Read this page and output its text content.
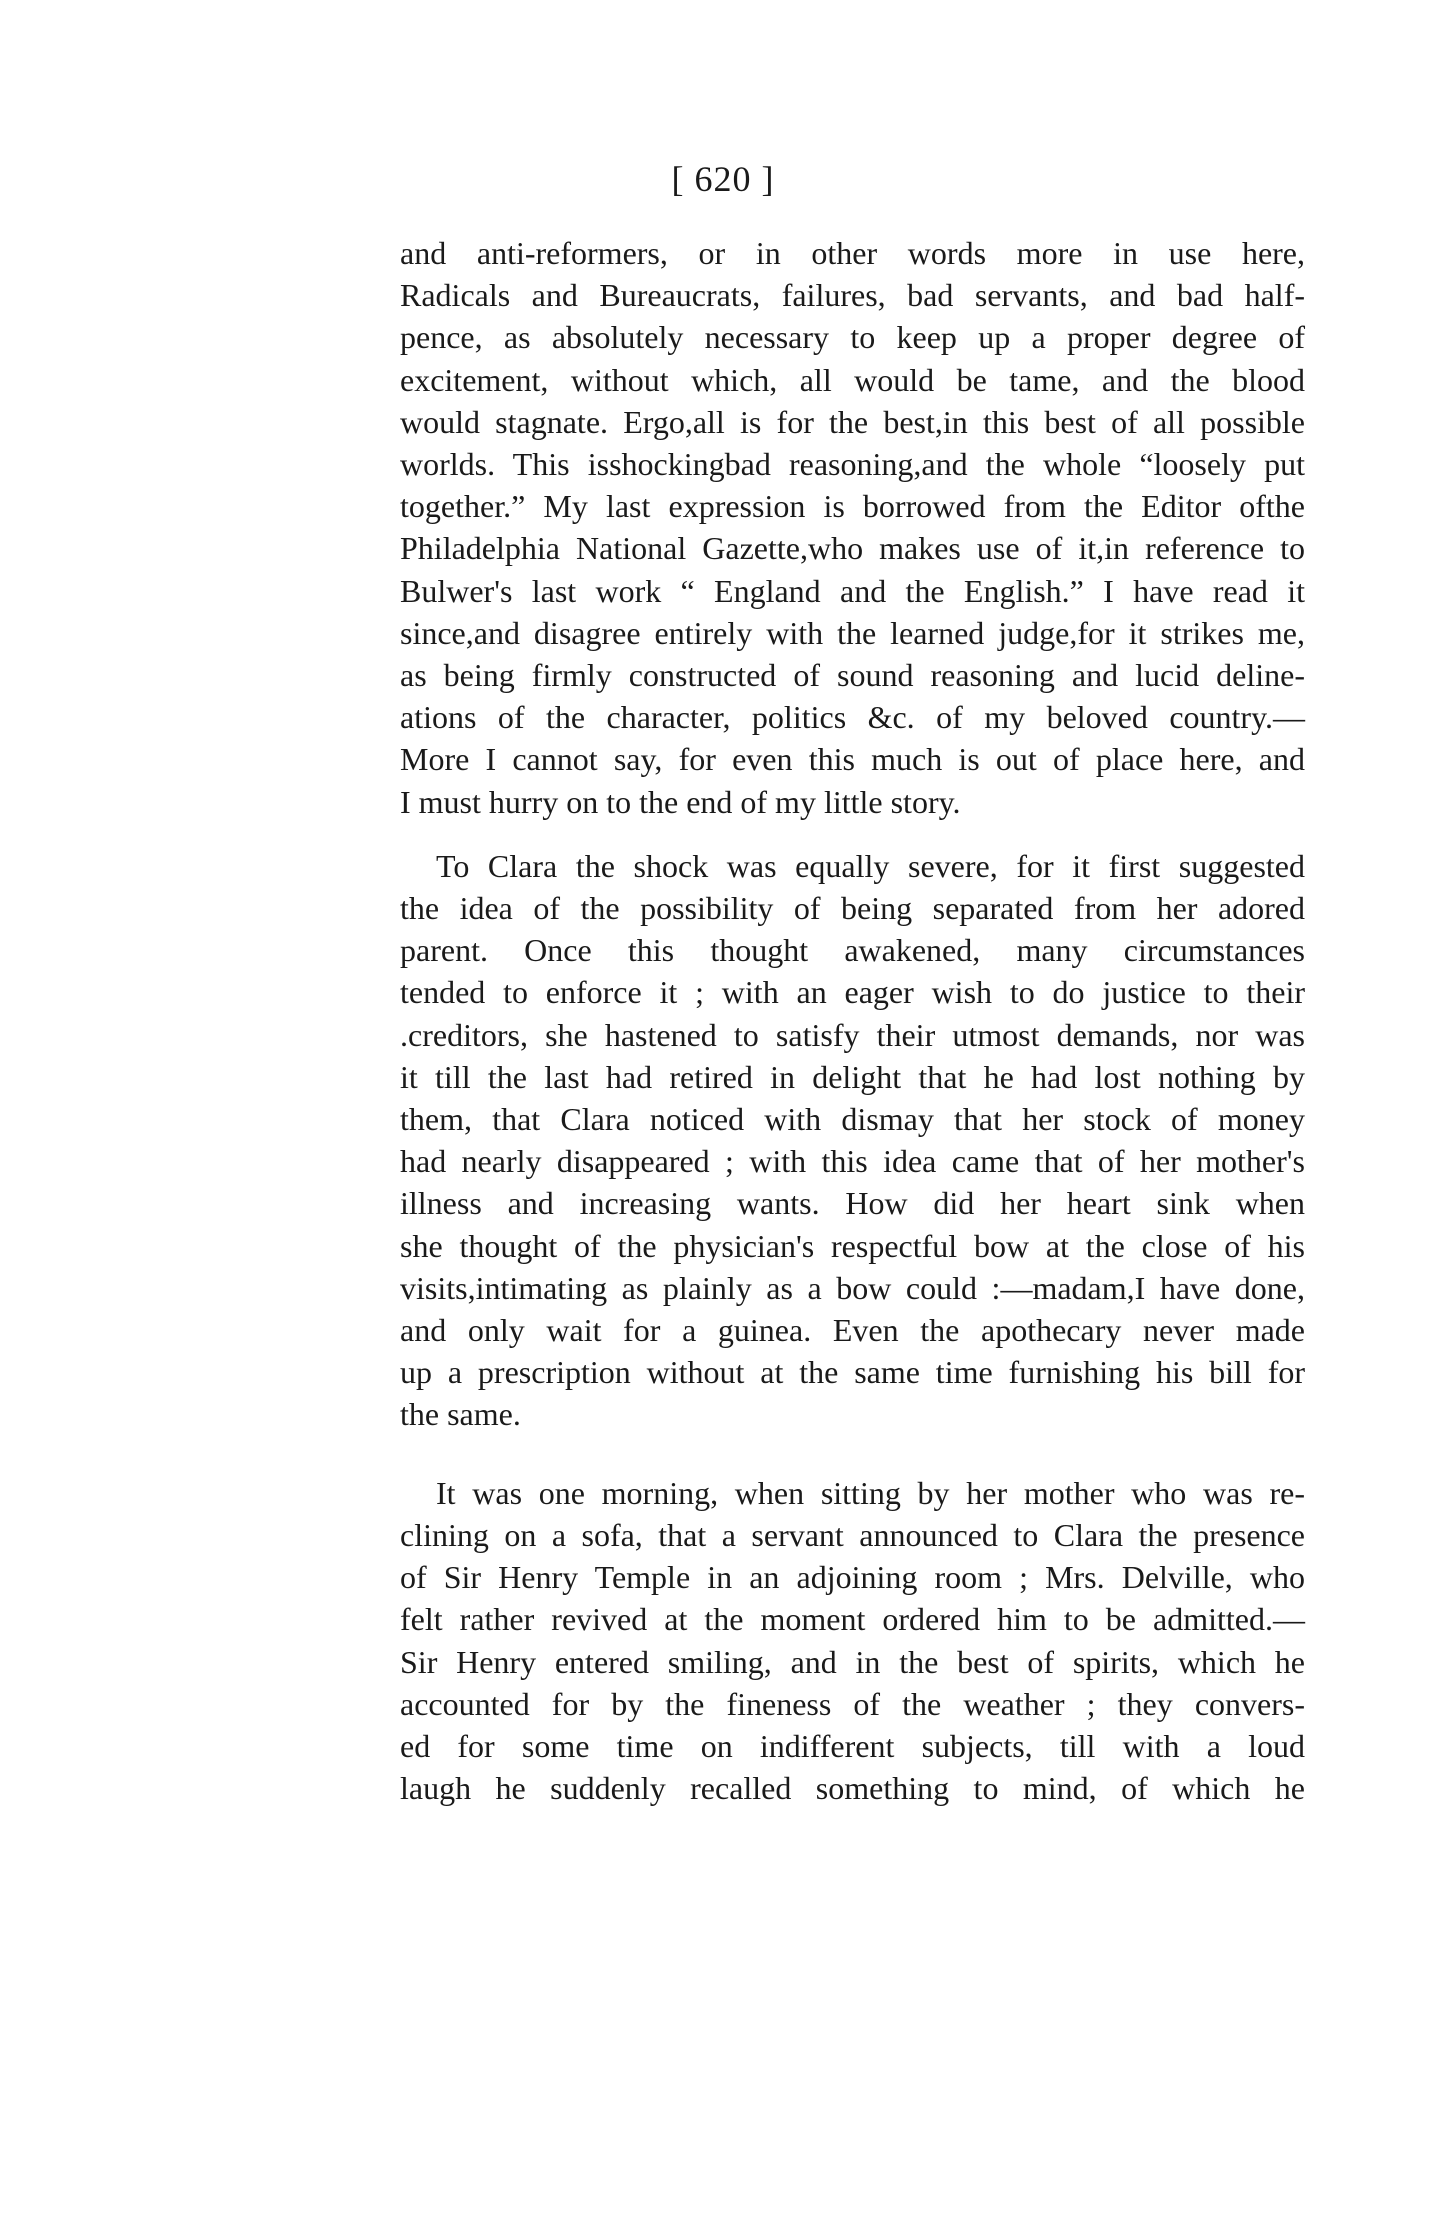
[ 620 ]

and anti-reformers, or in other words more in use here,
Radicals and Bureaucrats, failures, bad servants, and bad half-
pence, as absolutely necessary to keep up a proper degree of
excitement, without which, all would be tame, and the blood
would stagnate. Ergo,all is for the best,in this best of all possible
worlds. This isshockingbad reasoning,and the whole “loosely put
together.” My last expression is borrowed from the Editor ofthe
Philadelphia National Gazette,who makes use of it,in reference to
Bulwer's last work “ England and the English.” I have read it
since,and disagree entirely with the learned judge,for it strikes me,
as being firmly constructed of sound reasoning and lucid deline-
ations of the character, politics &c. of my beloved country.—
More I cannot say, for even this much is out of place here, and
I must hurry on to the end of my little story.

To Clara the shock was equally severe, for it first suggested
the idea of the possibility of being separated from her adored
parent. Once this thought awakened, many circumstances
tended to enforce it ; with an eager wish to do justice to their
.creditors, she hastened to satisfy their utmost demands, nor was
it till the last had retired in delight that he had lost nothing by
them, that Clara noticed with dismay that her stock of money
had nearly disappeared ; with this idea came that of her mother's
illness and increasing wants. How did her heart sink when
she thought of the physician's respectful bow at the close of his
visits,intimating as plainly as a bow could :—madam,I have done,
and only wait for a guinea. Even the apothecary never made
up a prescription without at the same time furnishing his bill for
the same.

It was one morning, when sitting by her mother who was re-
clining on a sofa, that a servant announced to Clara the presence
of Sir Henry Temple in an adjoining room ; Mrs. Delville, who
felt rather revived at the moment ordered him to be admitted.—
Sir Henry entered smiling, and in the best of spirits, which he
accounted for by the fineness of the weather ; they convers-
ed for some time on indifferent subjects, till with a loud
laugh he suddenly recalled something to mind, of which he
